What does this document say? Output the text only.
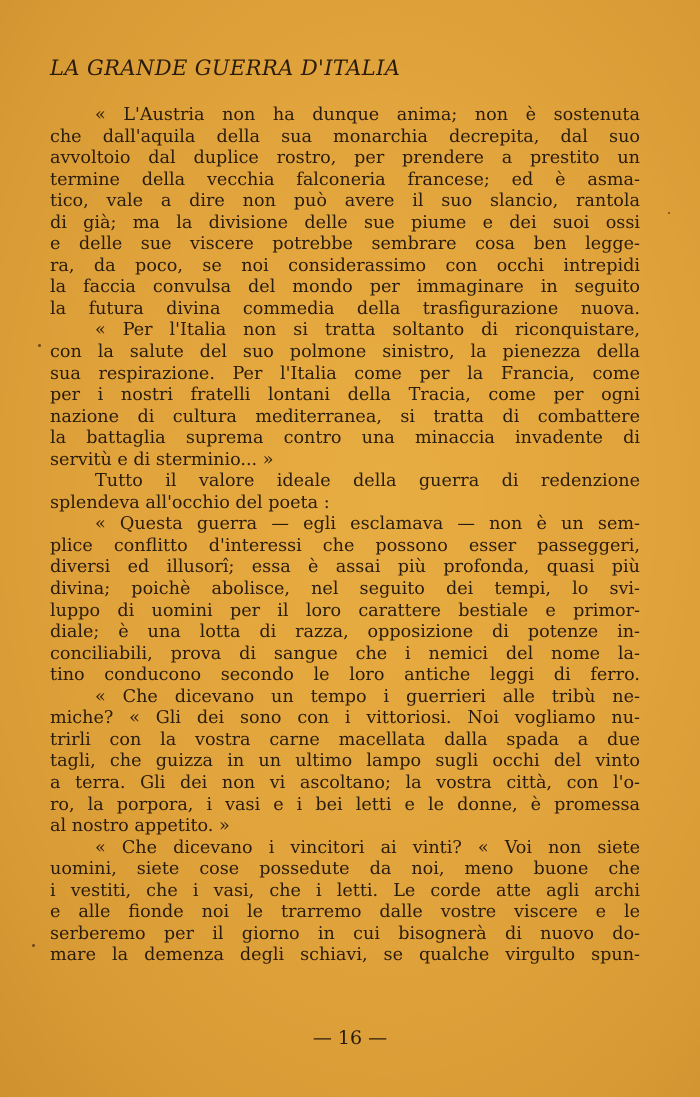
LA GRANDE GUERRA D'ITALIA
« L'Austria non ha dunque anima; non è sostenuta
che dall'aquila della sua monarchia decrepita, dal suo
avvoltoio dal duplice rostro, per prendere a prestito un
termine della vecchia falconeria francese; ed è asma-
tico, vale a dire non può avere il suo slancio, rantola
di già; ma la divisione delle sue piume e dei suoi ossi
e delle sue viscere potrebbe sembrare cosa ben legge-
ra, da poco, se noi considerassimo con occhi intrepidi
la faccia convulsa del mondo per immaginare in seguito
la futura divina commedia della trasfigurazione nuova.
« Per l'Italia non si tratta soltanto di riconquistare,
con la salute del suo polmone sinistro, la pienezza della
sua respirazione. Per l'Italia come per la Francia, come
per i nostri fratelli lontani della Tracia, come per ogni
nazione di cultura mediterranea, si tratta di combattere
la battaglia suprema contro una minaccia invadente di
servitù e di sterminio... »
Tutto il valore ideale della guerra di redenzione
splendeva all'occhio del poeta :
« Questa guerra — egli esclamava — non è un sem-
plice conflitto d'interessi che possono esser passeggeri,
diversi ed illusorî; essa è assai più profonda, quasi più
divina; poichè abolisce, nel seguito dei tempi, lo svi-
luppo di uomini per il loro carattere bestiale e primor-
diale; è una lotta di razza, opposizione di potenze in-
conciliabili, prova di sangue che i nemici del nome la-
tino conducono secondo le loro antiche leggi di ferro.
« Che dicevano un tempo i guerrieri alle tribù ne-
miche? « Gli dei sono con i vittoriosi. Noi vogliamo nu-
trirli con la vostra carne macellata dalla spada a due
tagli, che guizza in un ultimo lampo sugli occhi del vinto
a terra. Gli dei non vi ascoltano; la vostra città, con l'o-
ro, la porpora, i vasi e i bei letti e le donne, è promessa
al nostro appetito. »
« Che dicevano i vincitori ai vinti? « Voi non siete
uomini, siete cose possedute da noi, meno buone che
i vestiti, che i vasi, che i letti. Le corde atte agli archi
e alle fionde noi le trarremo dalle vostre viscere e le
serberemo per il giorno in cui bisognerà di nuovo do-
mare la demenza degli schiavi, se qualche virgulto spun-
— 16 —
